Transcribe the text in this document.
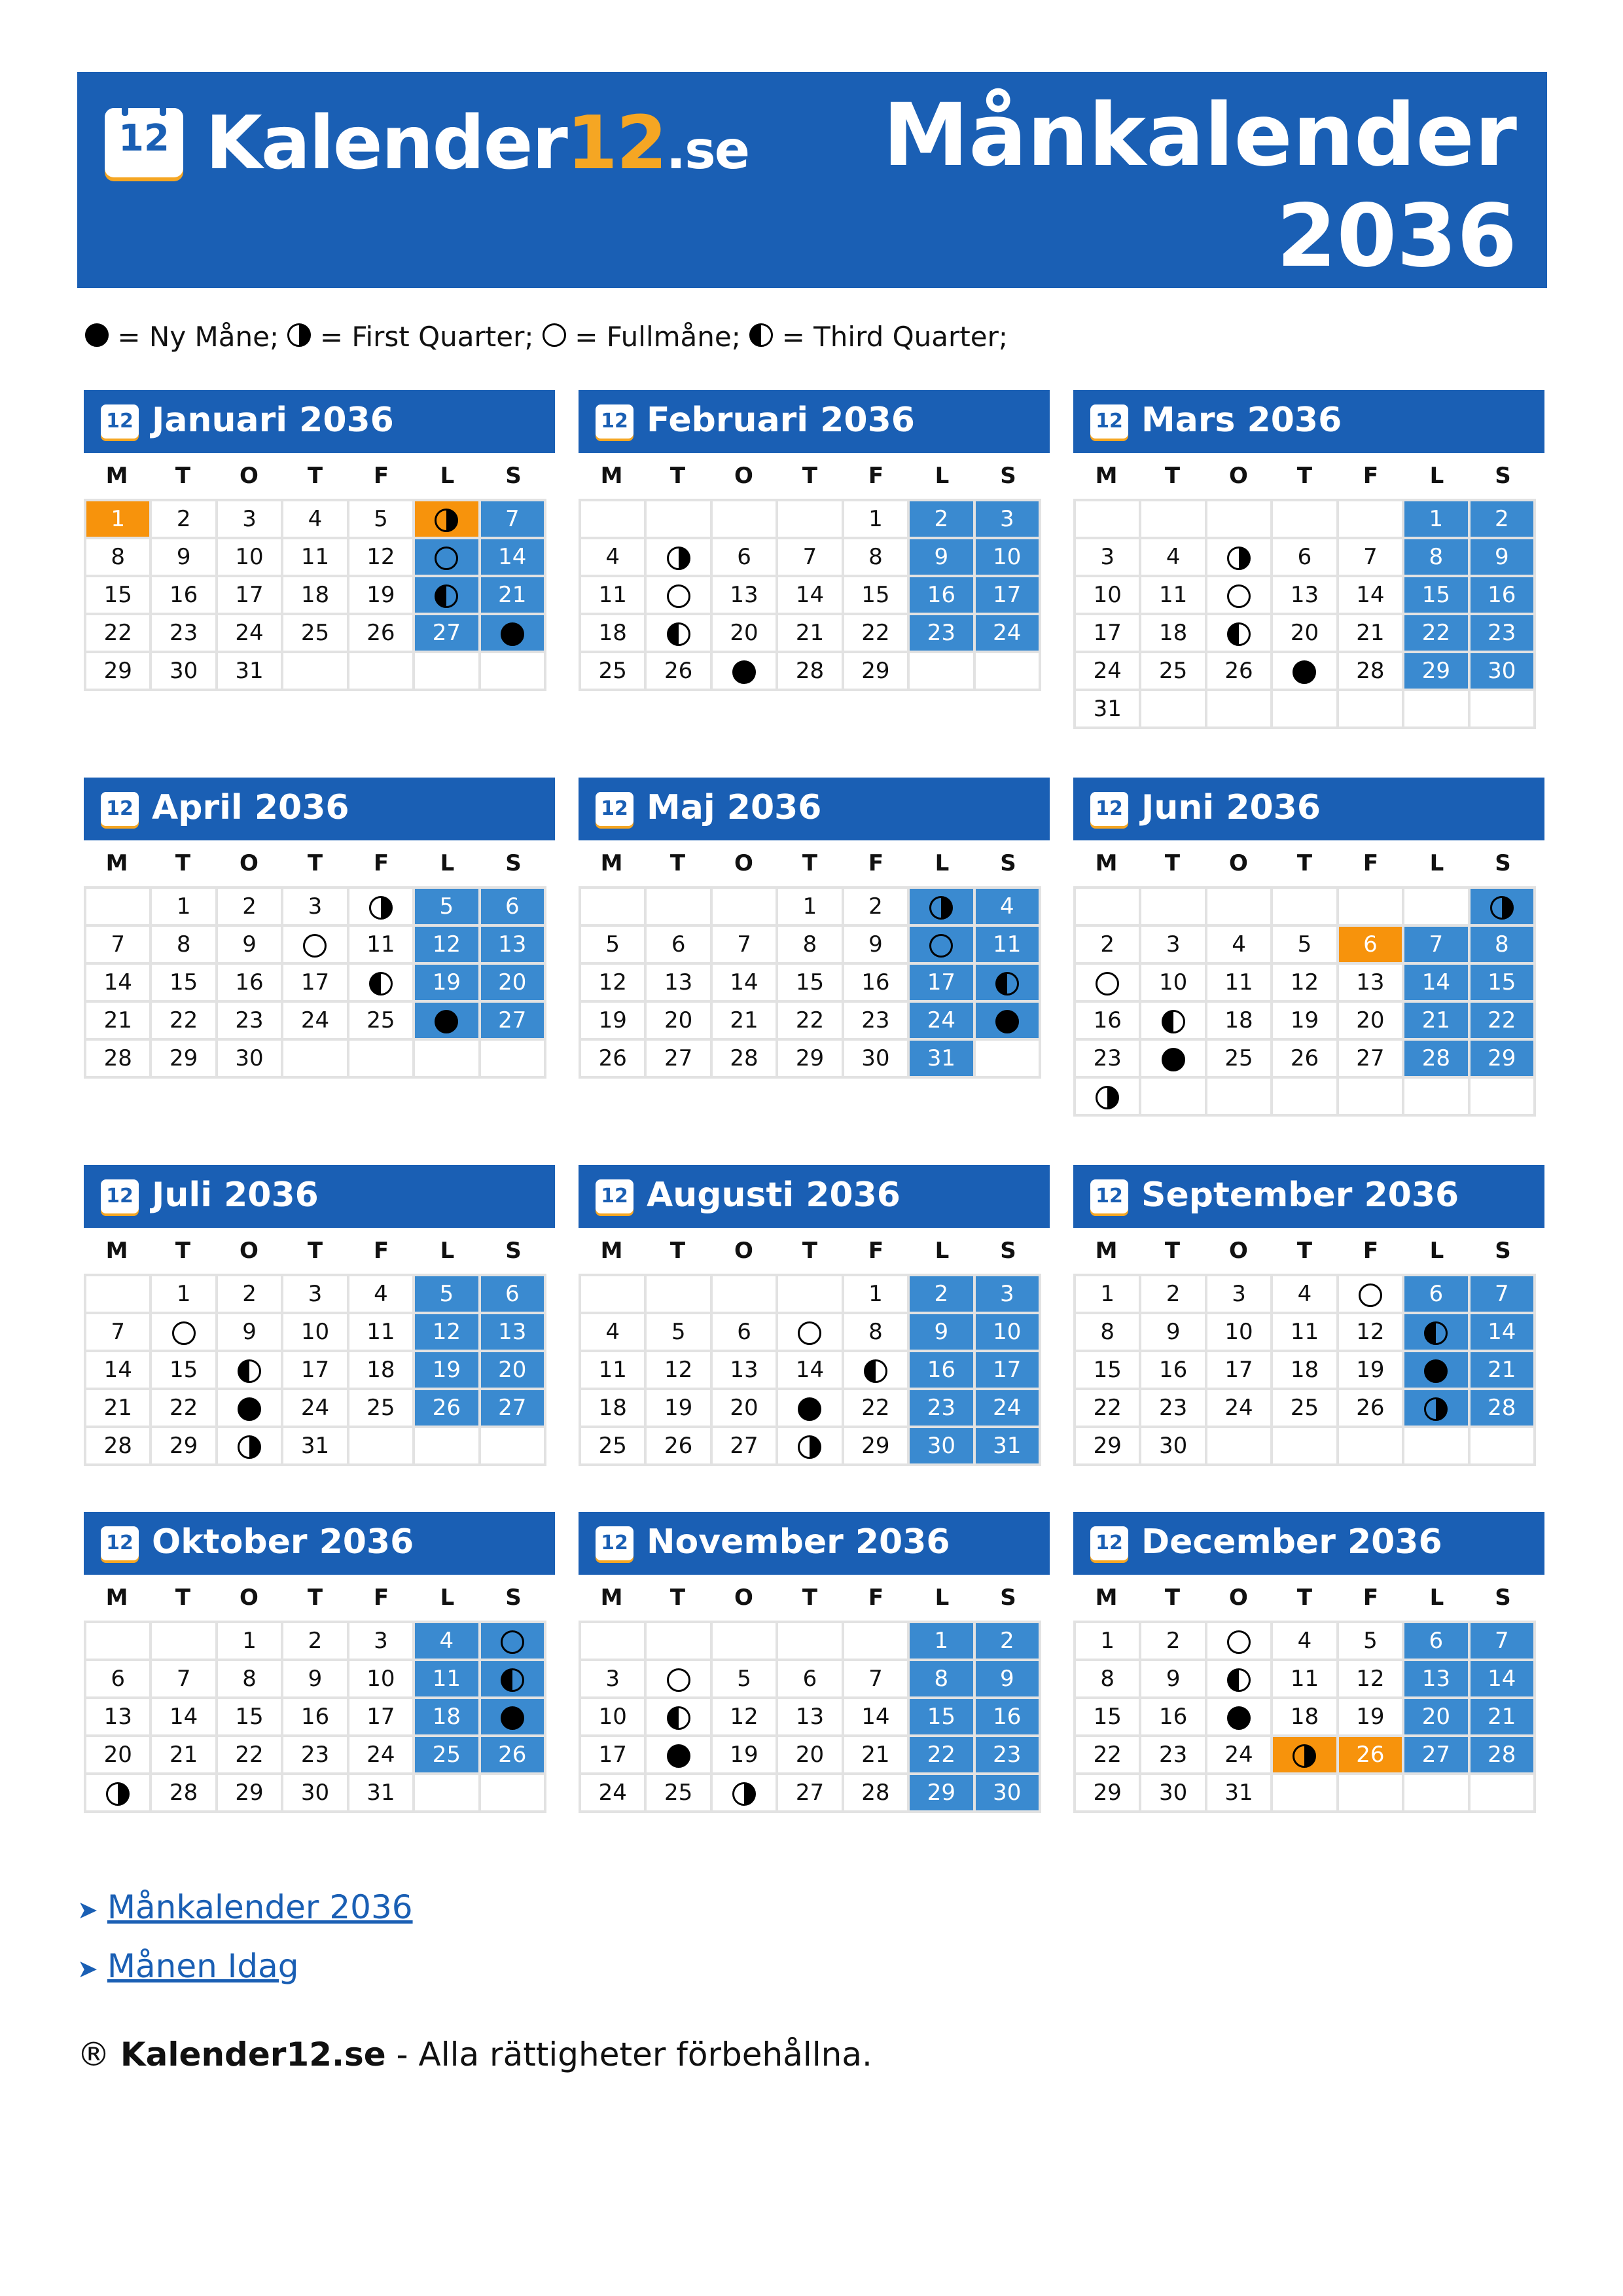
12 Kalender12.se Månkalender
2036
= Ny Måne; = First Quarter; = Fullmåne; = Third Quarter;
12 Januari 2036
M	T	O	T	F	L	S
1	2	3	4	5		7
8	9	10	11	12		14
15	16	17	18	19		21
22	23	24	25	26	27	
29	30	31				
12 Februari 2036
M	T	O	T	F	L	S
				1	2	3
4		6	7	8	9	10
11		13	14	15	16	17
18		20	21	22	23	24
25	26		28	29		
12 Mars 2036
M	T	O	T	F	L	S
					1	2
3	4		6	7	8	9
10	11		13	14	15	16
17	18		20	21	22	23
24	25	26		28	29	30
31						
12 April 2036
M	T	O	T	F	L	S
	1	2	3		5	6
7	8	9		11	12	13
14	15	16	17		19	20
21	22	23	24	25		27
28	29	30				
12 Maj 2036
M	T	O	T	F	L	S
			1	2		4
5	6	7	8	9		11
12	13	14	15	16	17	
19	20	21	22	23	24	
26	27	28	29	30	31	
12 Juni 2036
M	T	O	T	F	L	S

2	3	4	5	6	7	8
	10	11	12	13	14	15
16		18	19	20	21	22
23		25	26	27	28	29

12 Juli 2036
M	T	O	T	F	L	S
	1	2	3	4	5	6
7		9	10	11	12	13
14	15		17	18	19	20
21	22		24	25	26	27
28	29		31			
12 Augusti 2036
M	T	O	T	F	L	S
				1	2	3
4	5	6		8	9	10
11	12	13	14		16	17
18	19	20		22	23	24
25	26	27		29	30	31
12 September 2036
M	T	O	T	F	L	S
1	2	3	4		6	7
8	9	10	11	12		14
15	16	17	18	19		21
22	23	24	25	26		28
29	30					
12 Oktober 2036
M	T	O	T	F	L	S
		1	2	3	4	
6	7	8	9	10	11	
13	14	15	16	17	18	
20	21	22	23	24	25	26
	28	29	30	31		
12 November 2036
M	T	O	T	F	L	S
					1	2
3		5	6	7	8	9
10		12	13	14	15	16
17		19	20	21	22	23
24	25		27	28	29	30
12 December 2036
M	T	O	T	F	L	S
1	2		4	5	6	7
8	9		11	12	13	14
15	16		18	19	20	21
22	23	24		26	27	28
29	30	31				
➤ Månkalender 2036
➤ Månen Idag
® Kalender12.se - Alla rättigheter förbehållna.
